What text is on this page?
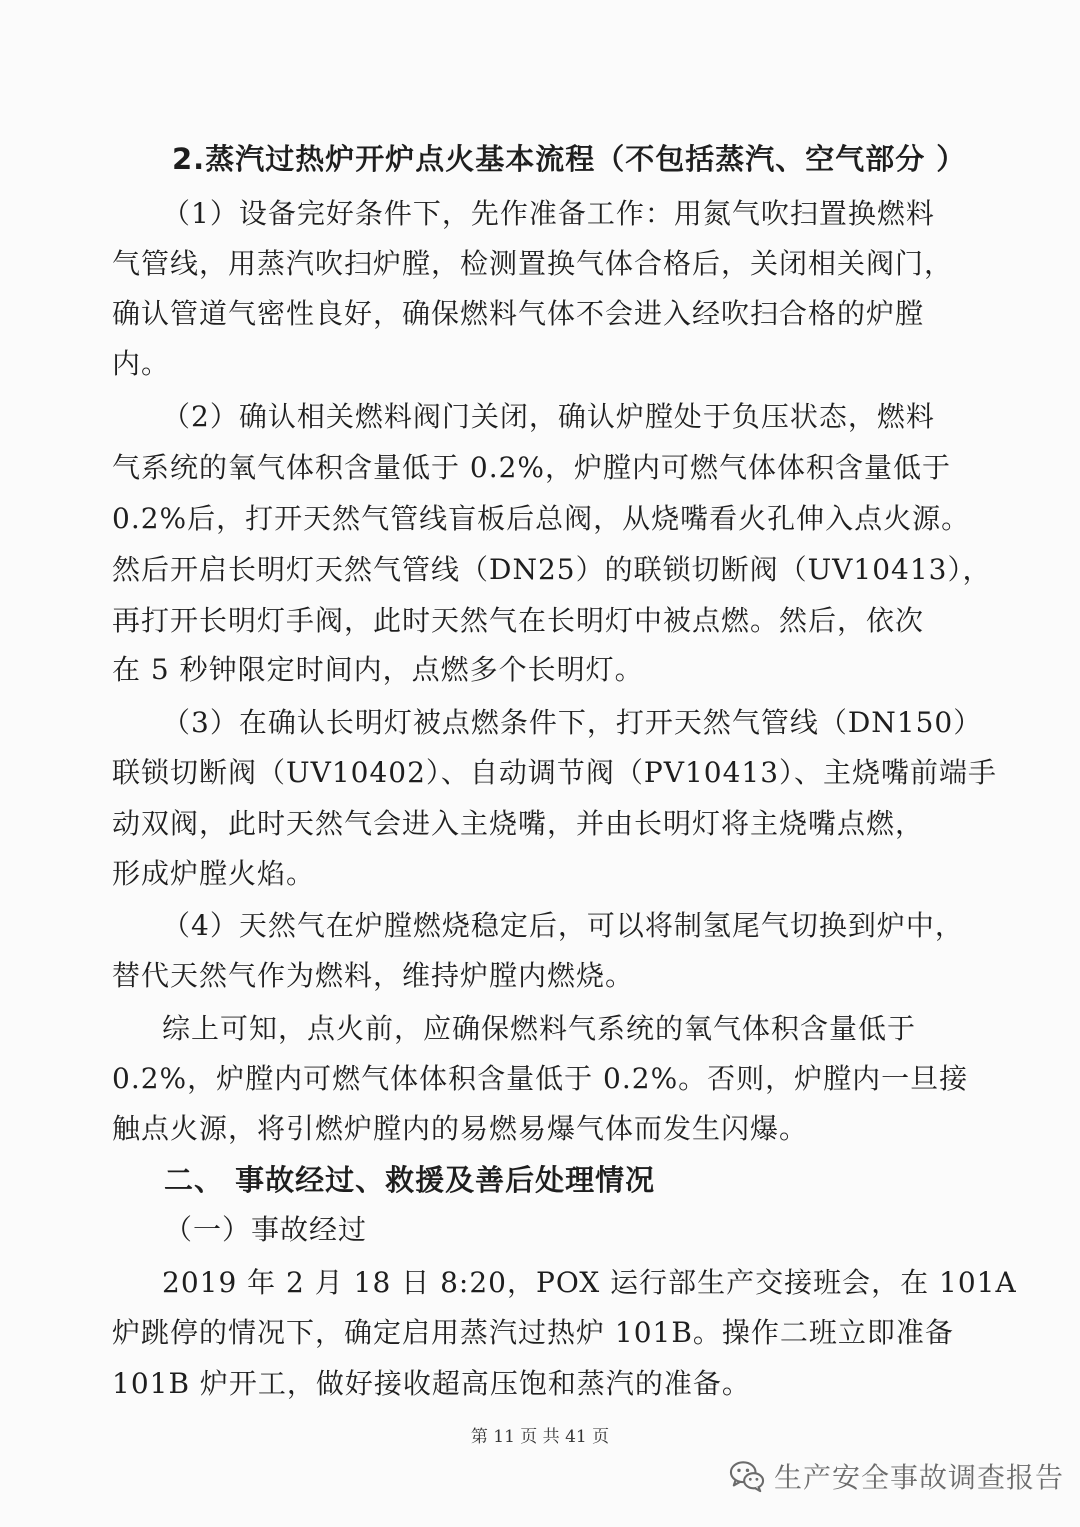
2.蒸汽过热炉开炉点火基本流程（不包括蒸汽、空气部分 ）

（1）设备完好条件下，先作准备工作：用氮气吹扫置换燃料

气管线，用蒸汽吹扫炉膛，检测置换气体合格后，关闭相关阀门，

确认管道气密性良好，确保燃料气体不会进入经吹扫合格的炉膛

内。

（2）确认相关燃料阀门关闭，确认炉膛处于负压状态，燃料

气系统的氧气体积含量低于 0.2%，炉膛内可燃气体体积含量低于

0.2%后，打开天然气管线盲板后总阀，从烧嘴看火孔伸入点火源。

然后开启长明灯天然气管线（DN25）的联锁切断阀（UV10413），

再打开长明灯手阀，此时天然气在长明灯中被点燃。然后，依次

在 5 秒钟限定时间内，点燃多个长明灯。

（3）在确认长明灯被点燃条件下，打开天然气管线（DN150）

联锁切断阀（UV10402）、自动调节阀（PV10413）、主烧嘴前端手

动双阀，此时天然气会进入主烧嘴，并由长明灯将主烧嘴点燃，

形成炉膛火焰。

（4）天然气在炉膛燃烧稳定后，可以将制氢尾气切换到炉中，

替代天然气作为燃料，维持炉膛内燃烧。

综上可知，点火前，应确保燃料气系统的氧气体积含量低于

0.2%，炉膛内可燃气体体积含量低于 0.2%。否则，炉膛内一旦接

触点火源，将引燃炉膛内的易燃易爆气体而发生闪爆。

二、 事故经过、救援及善后处理情况

（一）事故经过

2019 年 2 月 18 日 8:20，POX 运行部生产交接班会，在 101A

炉跳停的情况下，确定启用蒸汽过热炉 101B。操作二班立即准备

101B 炉开工，做好接收超高压饱和蒸汽的准备。

第 11 页 共 41 页
生产安全事故调查报告
